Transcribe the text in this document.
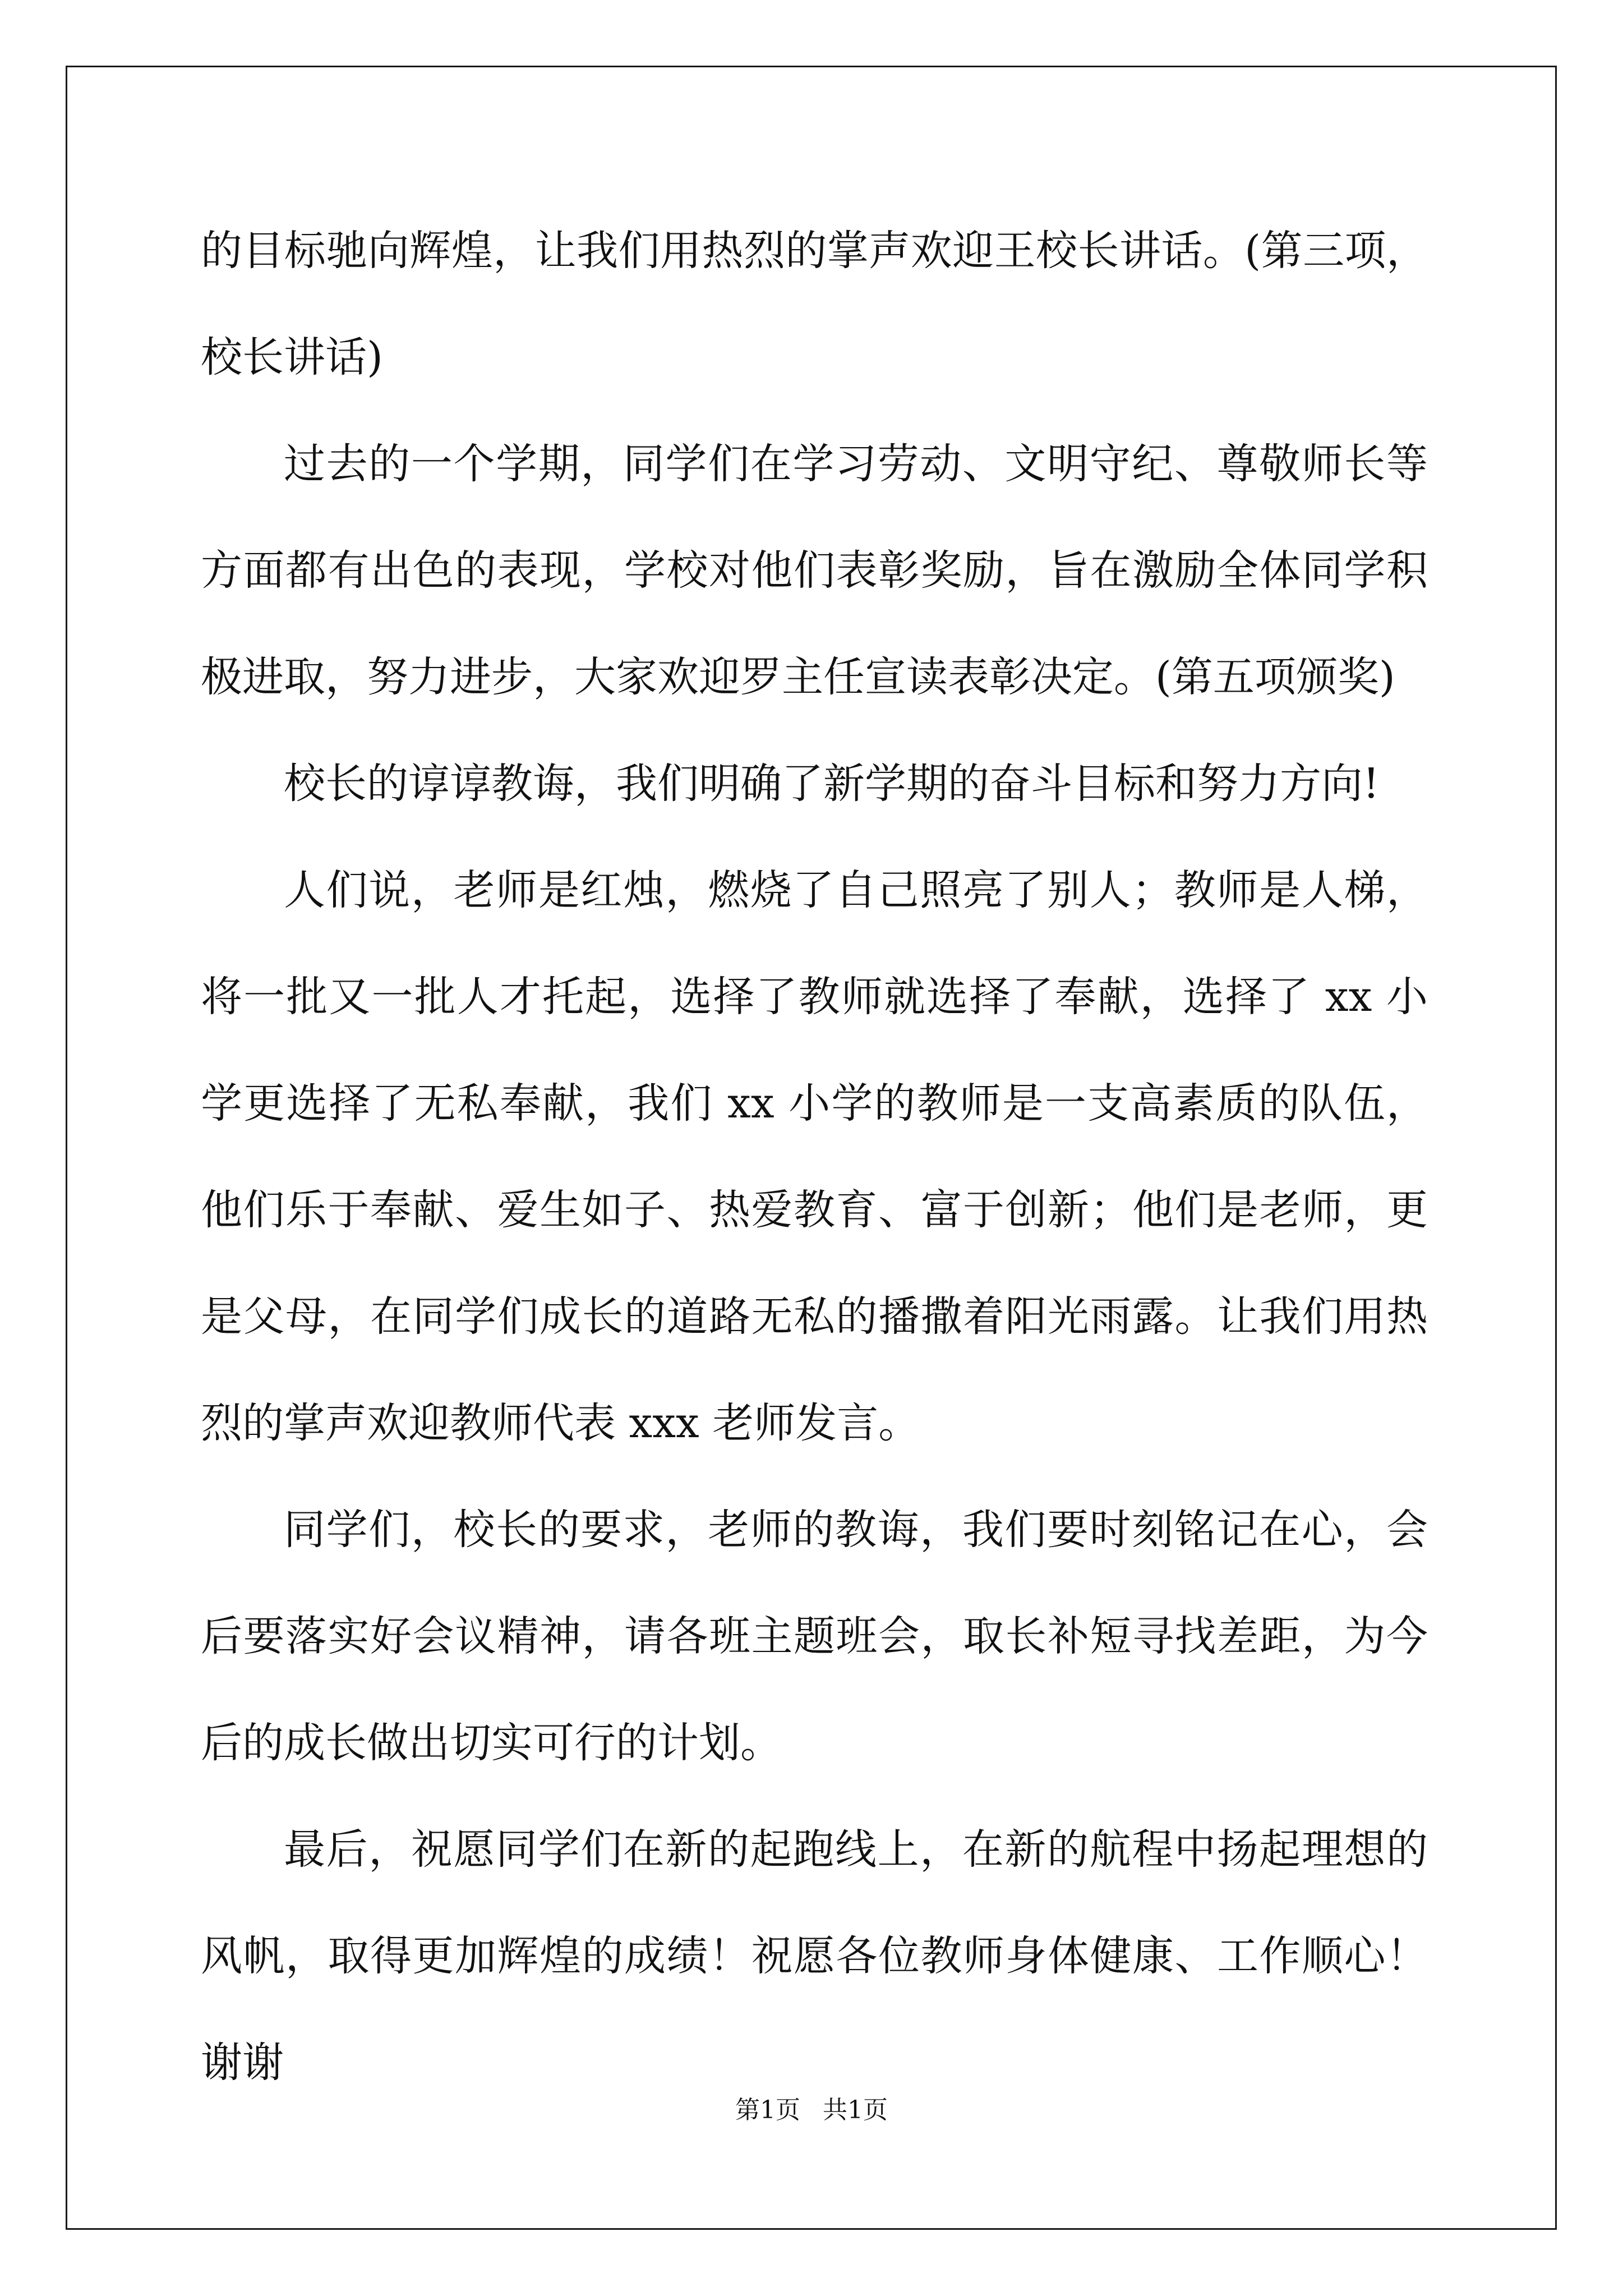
的目标驰向辉煌，让我们用热烈的掌声欢迎王校长讲话。(第三项，校长讲话)

过去的一个学期，同学们在学习劳动、文明守纪、尊敬师长等方面都有出色的表现，学校对他们表彰奖励，旨在激励全体同学积极进取，努力进步，大家欢迎罗主任宣读表彰决定。(第五项颁奖)

校长的谆谆教诲，我们明确了新学期的奋斗目标和努力方向!

人们说，老师是红烛，燃烧了自己照亮了别人；教师是人梯，将一批又一批人才托起，选择了教师就选择了奉献，选择了 xx 小学更选择了无私奉献，我们 xx 小学的教师是一支高素质的队伍，他们乐于奉献、爱生如子、热爱教育、富于创新；他们是老师，更是父母，在同学们成长的道路无私的播撒着阳光雨露。让我们用热烈的掌声欢迎教师代表 xxx 老师发言。

同学们，校长的要求，老师的教诲，我们要时刻铭记在心，会后要落实好会议精神，请各班主题班会，取长补短寻找差距，为今后的成长做出切实可行的计划。

最后，祝愿同学们在新的起跑线上，在新的航程中扬起理想的风帆，取得更加辉煌的成绩！祝愿各位教师身体健康、工作顺心！谢谢

第1页 共1页
